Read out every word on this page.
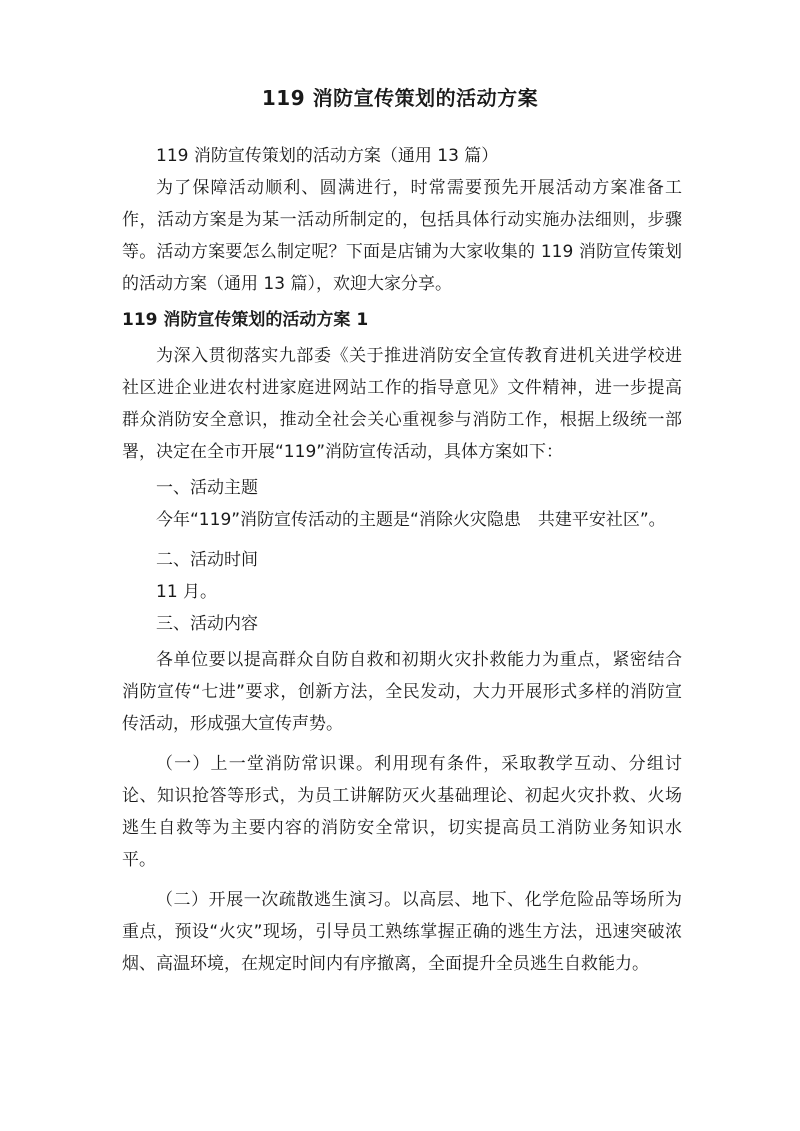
119 消防宣传策划的活动方案

119 消防宣传策划的活动方案（通用 13 篇）

为了保障活动顺利、圆满进行，时常需要预先开展活动方案准备工作，活动方案是为某一活动所制定的，包括具体行动实施办法细则，步骤等。活动方案要怎么制定呢？下面是店铺为大家收集的 119 消防宣传策划的活动方案（通用 13 篇），欢迎大家分享。

119 消防宣传策划的活动方案 1

为深入贯彻落实九部委《关于推进消防安全宣传教育进机关进学校进社区进企业进农村进家庭进网站工作的指导意见》文件精神，进一步提高群众消防安全意识，推动全社会关心重视参与消防工作，根据上级统一部署，决定在全市开展“119”消防宣传活动，具体方案如下：

一、活动主题

今年“119”消防宣传活动的主题是“消除火灾隐患　共建平安社区”。

二、活动时间

11 月。

三、活动内容

各单位要以提高群众自防自救和初期火灾扑救能力为重点，紧密结合消防宣传“七进”要求，创新方法，全民发动，大力开展形式多样的消防宣传活动，形成强大宣传声势。

（一）上一堂消防常识课。利用现有条件，采取教学互动、分组讨论、知识抢答等形式，为员工讲解防灭火基础理论、初起火灾扑救、火场逃生自救等为主要内容的消防安全常识，切实提高员工消防业务知识水平。

（二）开展一次疏散逃生演习。以高层、地下、化学危险品等场所为重点，预设“火灾”现场，引导员工熟练掌握正确的逃生方法，迅速突破浓烟、高温环境，在规定时间内有序撤离，全面提升全员逃生自救能力。
